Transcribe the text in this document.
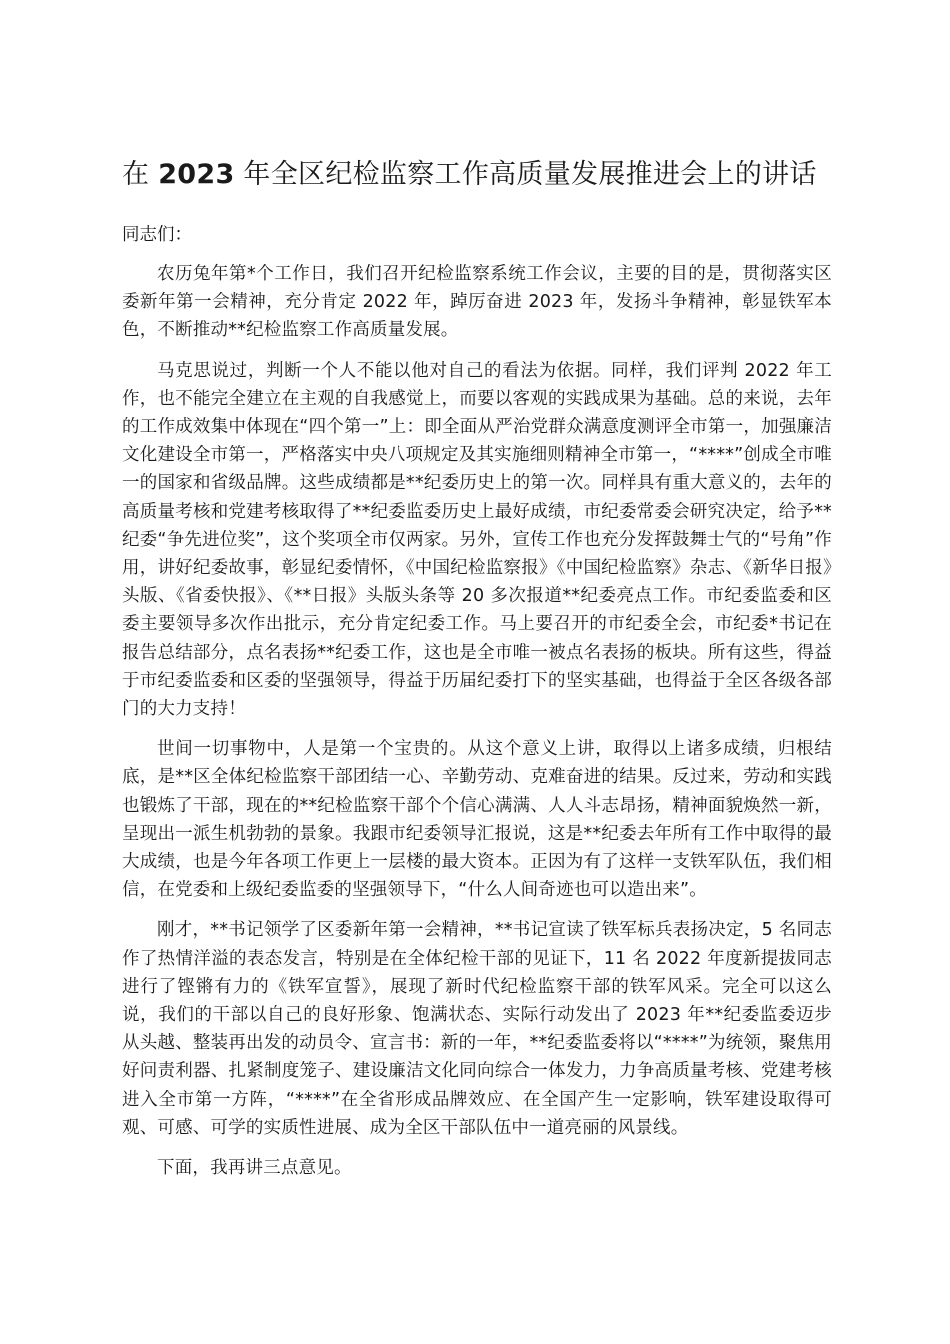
在 2023 年全区纪检监察工作高质量发展推进会上的讲话

同志们：

农历兔年第*个工作日，我们召开纪检监察系统工作会议，主要的目的是，贯彻落实区委新年第一会精神，充分肯定 2022 年，踔厉奋进 2023 年，发扬斗争精神，彰显铁军本色，不断推动**纪检监察工作高质量发展。

马克思说过，判断一个人不能以他对自己的看法为依据。同样，我们评判 2022 年工作，也不能完全建立在主观的自我感觉上，而要以客观的实践成果为基础。总的来说，去年的工作成效集中体现在“四个第一”上：即全面从严治党群众满意度测评全市第一，加强廉洁文化建设全市第一，严格落实中央八项规定及其实施细则精神全市第一，“****”创成全市唯一的国家和省级品牌。这些成绩都是**纪委历史上的第一次。同样具有重大意义的，去年的高质量考核和党建考核取得了**纪委监委历史上最好成绩，市纪委常委会研究决定，给予**纪委“争先进位奖”，这个奖项全市仅两家。另外，宣传工作也充分发挥鼓舞士气的“号角”作用，讲好纪委故事，彰显纪委情怀，《中国纪检监察报》《中国纪检监察》杂志、《新华日报》头版、《省委快报》、《**日报》头版头条等 20 多次报道**纪委亮点工作。市纪委监委和区委主要领导多次作出批示，充分肯定纪委工作。马上要召开的市纪委全会，市纪委*书记在报告总结部分，点名表扬**纪委工作，这也是全市唯一被点名表扬的板块。所有这些，得益于市纪委监委和区委的坚强领导，得益于历届纪委打下的坚实基础，也得益于全区各级各部门的大力支持！

世间一切事物中，人是第一个宝贵的。从这个意义上讲，取得以上诸多成绩，归根结底，是**区全体纪检监察干部团结一心、辛勤劳动、克难奋进的结果。反过来，劳动和实践也锻炼了干部，现在的**纪检监察干部个个信心满满、人人斗志昂扬，精神面貌焕然一新，呈现出一派生机勃勃的景象。我跟市纪委领导汇报说，这是**纪委去年所有工作中取得的最大成绩，也是今年各项工作更上一层楼的最大资本。正因为有了这样一支铁军队伍，我们相信，在党委和上级纪委监委的坚强领导下，“什么人间奇迹也可以造出来”。

刚才，**书记领学了区委新年第一会精神，**书记宣读了铁军标兵表扬决定，5 名同志作了热情洋溢的表态发言，特别是在全体纪检干部的见证下，11 名 2022 年度新提拔同志进行了铿锵有力的《铁军宣誓》，展现了新时代纪检监察干部的铁军风采。完全可以这么说，我们的干部以自己的良好形象、饱满状态、实际行动发出了 2023 年**纪委监委迈步从头越、整装再出发的动员令、宣言书：新的一年，**纪委监委将以“****”为统领，聚焦用好问责利器、扎紧制度笼子、建设廉洁文化同向综合一体发力，力争高质量考核、党建考核进入全市第一方阵，“****”在全省形成品牌效应、在全国产生一定影响，铁军建设取得可观、可感、可学的实质性进展、成为全区干部队伍中一道亮丽的风景线。

下面，我再讲三点意见。
